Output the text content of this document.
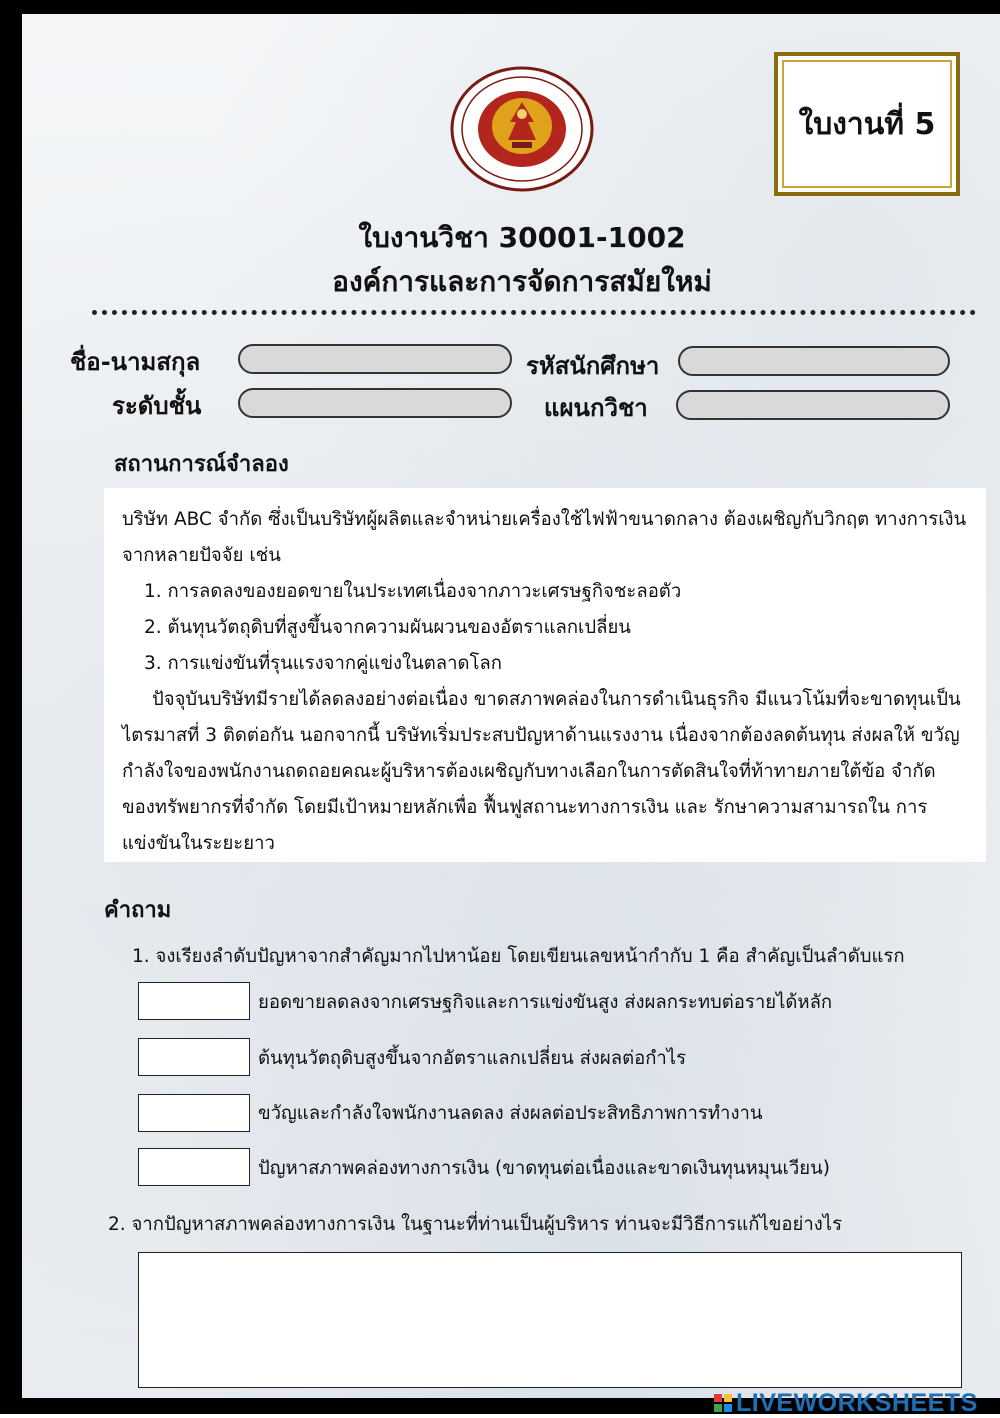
ใบงานที่ 5
ใบงานวิชา 30001-1002
องค์การและการจัดการสมัยใหม่
ชื่อ-นามสกุล	รหัสนักศึกษา
ระดับชั้น	แผนกวิชา
สถานการณ์จำลอง

บริษัท ABC จำกัด ซึ่งเป็นบริษัทผู้ผลิตและจำหน่ายเครื่องใช้ไฟฟ้าขนาดกลาง ต้องเผชิญกับวิกฤต ทางการเงินจากหลายปัจจัย เช่น

1. การลดลงของยอดขายในประเทศเนื่องจากภาวะเศรษฐกิจชะลอตัว

2. ต้นทุนวัตถุดิบที่สูงขึ้นจากความผันผวนของอัตราแลกเปลี่ยน

3. การแข่งขันที่รุนแรงจากคู่แข่งในตลาดโลก

ปัจจุบันบริษัทมีรายได้ลดลงอย่างต่อเนื่อง ขาดสภาพคล่องในการดำเนินธุรกิจ มีแนวโน้มที่จะขาดทุนเป็น ไตรมาสที่ 3 ติดต่อกัน นอกจากนี้ บริษัทเริ่มประสบปัญหาด้านแรงงาน เนื่องจากต้องลดต้นทุน ส่งผลให้ ขวัญกำลังใจของพนักงานถดถอยคณะผู้บริหารต้องเผชิญกับทางเลือกในการตัดสินใจที่ท้าทายภายใต้ข้อ จำกัดของทรัพยากรที่จำกัด โดยมีเป้าหมายหลักเพื่อ ฟื้นฟูสถานะทางการเงิน และ รักษาความสามารถใน การแข่งขันในระยะยาว

คำถาม
1. จงเรียงลำดับปัญหาจากสำคัญมากไปหาน้อย โดยเขียนเลขหน้ากำกับ 1 คือ สำคัญเป็นลำดับแรก
ยอดขายลดลงจากเศรษฐกิจและการแข่งขันสูง ส่งผลกระทบต่อรายได้หลัก
ต้นทุนวัตถุดิบสูงขึ้นจากอัตราแลกเปลี่ยน ส่งผลต่อกำไร
ขวัญและกำลังใจพนักงานลดลง ส่งผลต่อประสิทธิภาพการทำงาน
ปัญหาสภาพคล่องทางการเงิน (ขาดทุนต่อเนื่องและขาดเงินทุนหมุนเวียน)
2. จากปัญหาสภาพคล่องทางการเงิน ในฐานะที่ท่านเป็นผู้บริหาร ท่านจะมีวิธีการแก้ไขอย่างไร
LIVEWORKSHEETS
